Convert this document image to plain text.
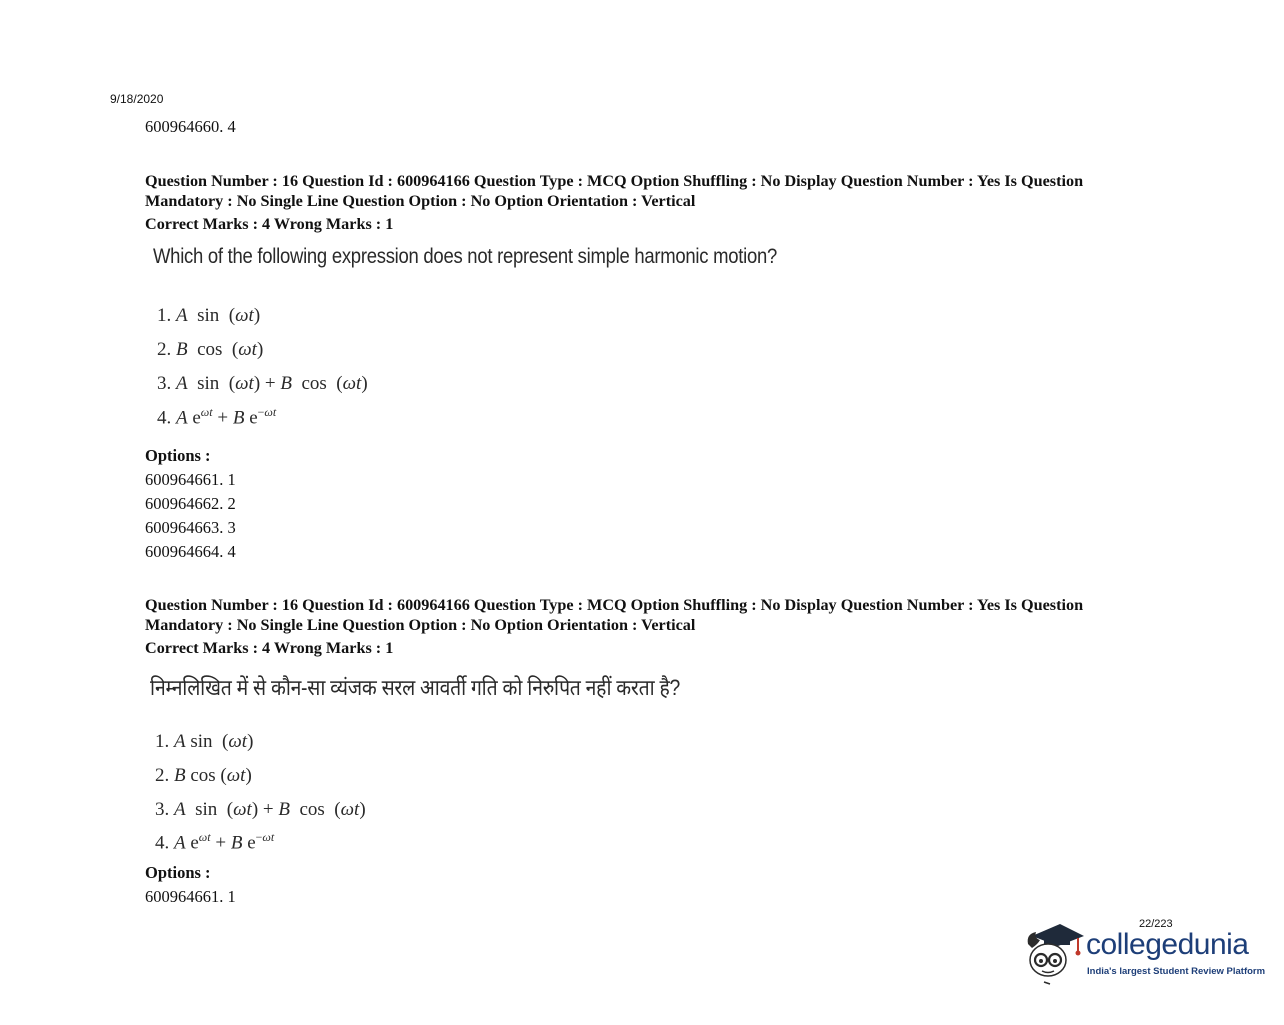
9/18/2020
600964660. 4
Question Number : 16 Question Id : 600964166 Question Type : MCQ Option Shuffling : No Display Question Number : Yes Is Question
Mandatory : No Single Line Question Option : No Option Orientation : Vertical
Correct Marks : 4 Wrong Marks : 1
Which of the following expression does not represent simple harmonic motion?
1. A  sin  (ωt)
2. B  cos  (ωt)
3. A  sin  (ωt) + B  cos  (ωt)
4. A $e^{\omega t} + B$ $e^{-\omega t}$
Options :
600964661. 1
600964662. 2
600964663. 3
600964664. 4
Question Number : 16 Question Id : 600964166 Question Type : MCQ Option Shuffling : No Display Question Number : Yes Is Question
Mandatory : No Single Line Question Option : No Option Orientation : Vertical
Correct Marks : 4 Wrong Marks : 1
निम्नलिखित में से कौन-सा व्यंजक सरल आवर्ती गति को निरुपित नहीं करता है?
1. A sin  (ωt)
2. B cos (ωt)
3. A  sin  (ωt) + B  cos  (ωt)
4. A $e^{\omega t} + B$ $e^{-\omega t}$
Options :
600964661. 1
22/223
collegedunia
India's largest Student Review Platform
